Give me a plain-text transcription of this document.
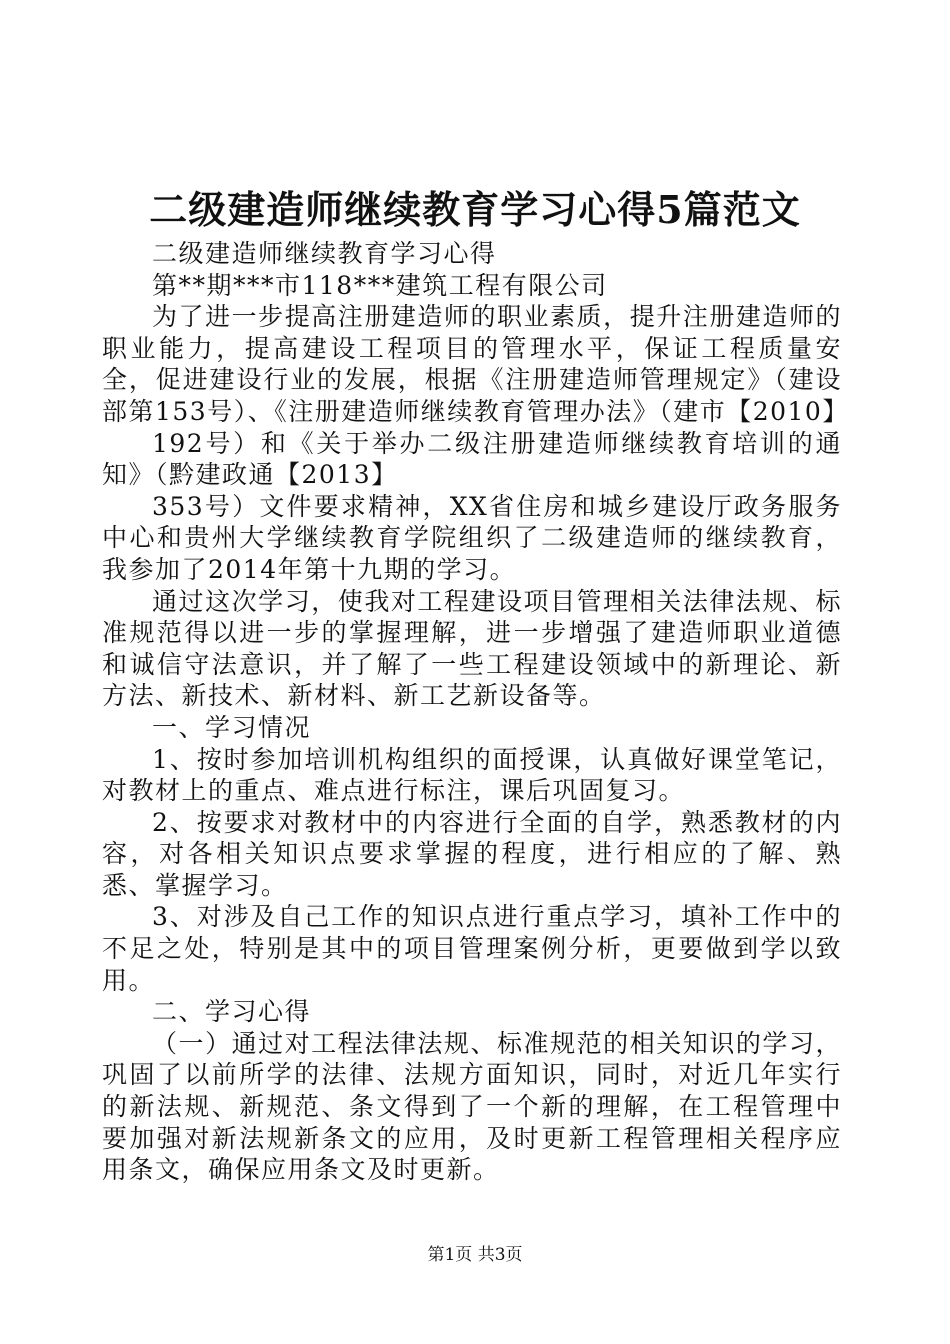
二级建造师继续教育学习心得5篇范文

二级建造师继续教育学习心得

第**期***市118***建筑工程有限公司

为了进一步提高注册建造师的职业素质，提升注册建造师的职业能力，提高建设工程项目的管理水平，保证工程质量安全，促进建设行业的发展，根据《注册建造师管理规定》（建设部第153号）、《注册建造师继续教育管理办法》（建市【2010】

192号）和《关于举办二级注册建造师继续教育培训的通知》（黔建政通【2013】

353号）文件要求精神，XX省住房和城乡建设厅政务服务中心和贵州大学继续教育学院组织了二级建造师的继续教育，我参加了2014年第十九期的学习。

通过这次学习，使我对工程建设项目管理相关法律法规、标准规范得以进一步的掌握理解，进一步增强了建造师职业道德和诚信守法意识，并了解了一些工程建设领域中的新理论、新方法、新技术、新材料、新工艺新设备等。

一、学习情况

1、按时参加培训机构组织的面授课，认真做好课堂笔记，对教材上的重点、难点进行标注，课后巩固复习。

2、按要求对教材中的内容进行全面的自学，熟悉教材的内容，对各相关知识点要求掌握的程度，进行相应的了解、熟悉、掌握学习。

3、对涉及自己工作的知识点进行重点学习，填补工作中的不足之处，特别是其中的项目管理案例分析，更要做到学以致用。

二、学习心得

（一）通过对工程法律法规、标准规范的相关知识的学习，巩固了以前所学的法律、法规方面知识，同时，对近几年实行的新法规、新规范、条文得到了一个新的理解，在工程管理中要加强对新法规新条文的应用，及时更新工程管理相关程序应用条文，确保应用条文及时更新。

第1页 共3页
